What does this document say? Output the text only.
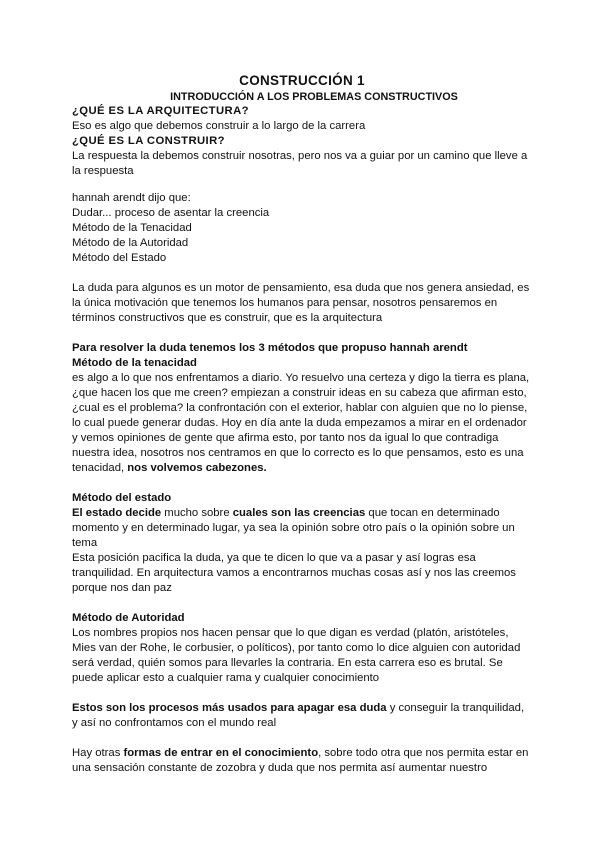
CONSTRUCCIÓN 1
INTRODUCCIÓN A LOS PROBLEMAS CONSTRUCTIVOS

¿QUÉ ES LA ARQUITECTURA?

Eso es algo que debemos construir a lo largo de la carrera

¿QUÉ ES LA CONSTRUIR?

La respuesta la debemos construir nosotras, pero nos va a guiar por un camino que lleve a la respuesta

hannah arendt dijo que:

Dudar... proceso de asentar la creencia

Método de la Tenacidad

Método de la Autoridad

Método del Estado

La duda para algunos es un motor de pensamiento, esa duda que nos genera ansiedad, es la única motivación que tenemos los humanos para pensar, nosotros pensaremos en términos constructivos que es construir, que es la arquitectura

Para resolver la duda tenemos los 3 métodos que propuso hannah arendt

Método de la tenacidad

es algo a lo que nos enfrentamos a diario. Yo resuelvo una certeza y digo la tierra es plana, ¿que hacen los que me creen? empiezan a construir ideas en su cabeza que afirman esto, ¿cual es el problema? la confrontación con el exterior, hablar con alguien que no lo piense, lo cual puede generar dudas. Hoy en día ante la duda empezamos a mirar en el ordenador y vemos opiniones de gente que afirma esto, por tanto nos da igual lo que contradiga nuestra idea, nosotros nos centramos en que lo correcto es lo que pensamos, esto es una tenacidad, nos volvemos cabezones.

Método del estado

El estado decide mucho sobre cuales son las creencias que tocan en determinado momento y en determinado lugar, ya sea la opinión sobre otro país o la opinión sobre un tema

Esta posición pacifica la duda, ya que te dicen lo que va a pasar y así logras esa tranquilidad. En arquitectura vamos a encontrarnos muchas cosas así y nos las creemos porque nos dan paz

Método de Autoridad

Los nombres propios nos hacen pensar que lo que digan es verdad (platón, aristóteles, Mies van der Rohe, le corbusier, o políticos), por tanto como lo dice alguien con autoridad será verdad, quién somos para llevarles la contraria. En esta carrera eso es brutal. Se puede aplicar esto a cualquier rama y cualquier conocimiento

Estos son los procesos más usados para apagar esa duda y conseguir la tranquilidad, y así no confrontamos con el mundo real

Hay otras formas de entrar en el conocimiento, sobre todo otra que nos permita estar en una sensación constante de zozobra y duda que nos permita así aumentar nuestro
